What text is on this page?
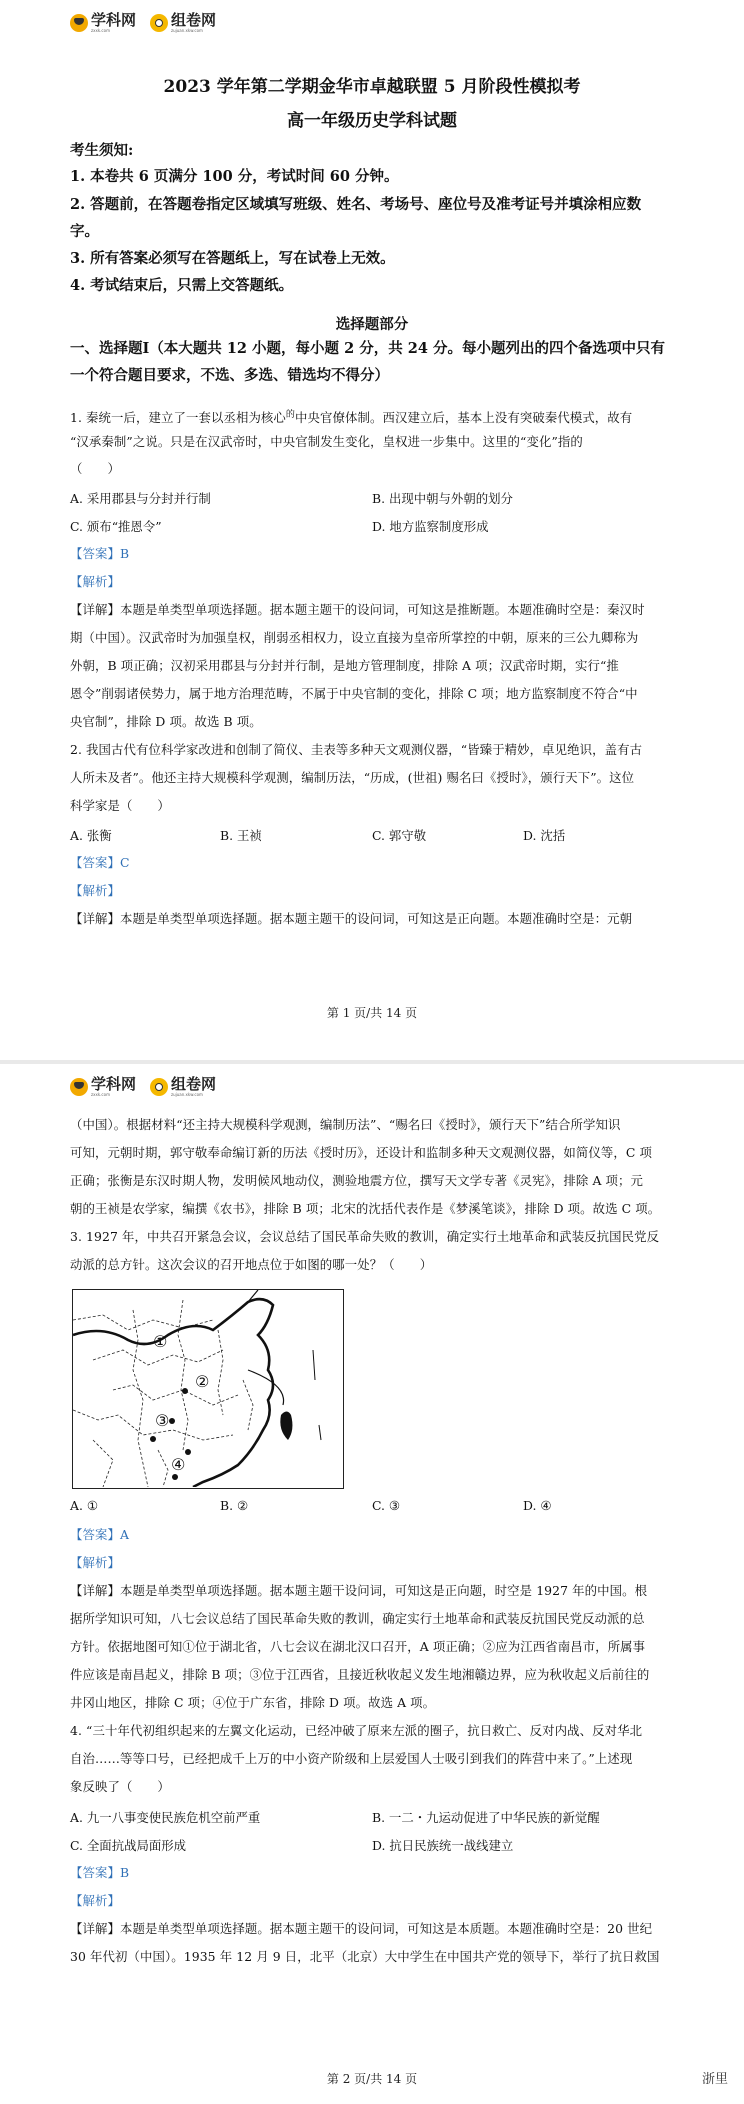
学科网
zxxk.com
组卷网
zujuan.xkw.com
2023 学年第二学期金华市卓越联盟 5 月阶段性模拟考
高一年级历史学科试题
考生须知:
1. 本卷共 6 页满分 100 分，考试时间 60 分钟。
2. 答题前，在答题卷指定区域填写班级、姓名、考场号、座位号及准考证号并填涂相应数
字。
3. 所有答案必须写在答题纸上，写在试卷上无效。
4. 考试结束后，只需上交答题纸。
选择题部分
一、选择题Ⅰ（本大题共 12 小题，每小题 2 分，共 24 分。每小题列出的四个备选项中只有
一个符合题目要求，不选、多选、错选均不得分）
1. 秦统一后，建立了一套以丞相为核心$^的$中央官僚体制。西汉建立后，基本上没有突破秦代模式，故有
“汉承秦制”之说。只是在汉武帝时，中央官制发生变化，皇权进一步集中。这里的“变化”指的
（　　）
A. 采用郡县与分封并行制	B. 出现中朝与外朝的划分
C. 颁布“推恩令”	D. 地方监察制度形成
【答案】B
【解析】
【详解】本题是单类型单项选择题。据本题主题干的设问词，可知这是推断题。本题准确时空是：秦汉时
期（中国）。汉武帝时为加强皇权，削弱丞相权力，设立直接为皇帝所掌控的中朝，原来的三公九卿称为
外朝，B 项正确；汉初采用郡县与分封并行制，是地方管理制度，排除 A 项；汉武帝时期，实行“推
恩令”削弱诸侯势力，属于地方治理范畴，不属于中央官制的变化，排除 C 项；地方监察制度不符合“中
央官制”，排除 D 项。故选 B 项。
2. 我国古代有位科学家改进和创制了简仪、圭表等多种天文观测仪器，“皆臻于精妙，卓见绝识，盖有古
人所未及者”。他还主持大规模科学观测，编制历法，“历成，(世祖) 赐名曰《授时》，颁行天下”。这位
科学家是（　　）
A. 张衡	B. 王祯	C. 郭守敬	D. 沈括
【答案】C
【解析】
【详解】本题是单类型单项选择题。据本题主题干的设问词，可知这是正向题。本题准确时空是：元朝
第 1 页/共 14 页
学科网
zxxk.com
组卷网
zujuan.xkw.com
（中国）。根据材料“还主持大规模科学观测，编制历法”、“赐名曰《授时》，颁行天下”结合所学知识
可知，元朝时期，郭守敬奉命编订新的历法《授时历》，还设计和监制多种天文观测仪器，如简仪等，C 项
正确；张衡是东汉时期人物，发明候风地动仪，测验地震方位，撰写天文学专著《灵宪》，排除 A 项；元
朝的王祯是农学家，编撰《农书》，排除 B 项；北宋的沈括代表作是《梦溪笔谈》，排除 D 项。故选 C 项。
3. 1927 年，中共召开紧急会议，会议总结了国民革命失败的教训，确定实行土地革命和武装反抗国民党反
动派的总方针。这次会议的召开地点位于如图的哪一处？（　　）
①
②
③
④
A. ①	B. ②	C. ③	D. ④
【答案】A
【解析】
【详解】本题是单类型单项选择题。据本题主题干设问词，可知这是正向题，时空是 1927 年的中国。根
据所学知识可知，八七会议总结了国民革命失败的教训，确定实行土地革命和武装反抗国民党反动派的总
方针。依据地图可知①位于湖北省，八七会议在湖北汉口召开，A 项正确；②应为江西省南昌市，所属事
件应该是南昌起义，排除 B 项；③位于江西省，且接近秋收起义发生地湘赣边界，应为秋收起义后前往的
井冈山地区，排除 C 项；④位于广东省，排除 D 项。故选 A 项。
4. “三十年代初组织起来的左翼文化运动，已经冲破了原来左派的圈子，抗日救亡、反对内战、反对华北
自治……等等口号，已经把成千上万的中小资产阶级和上层爱国人士吸引到我们的阵营中来了。”上述现
象反映了（　　）
A. 九一八事变使民族危机空前严重	B. 一二・九运动促进了中华民族的新觉醒
C. 全面抗战局面形成	D. 抗日民族统一战线建立
【答案】B
【解析】
【详解】本题是单类型单项选择题。据本题主题干的设问词，可知这是本质题。本题准确时空是：20 世纪
30 年代初（中国）。1935 年 12 月 9 日，北平（北京）大中学生在中国共产党的领导下，举行了抗日救国
第 2 页/共 14 页	浙里
